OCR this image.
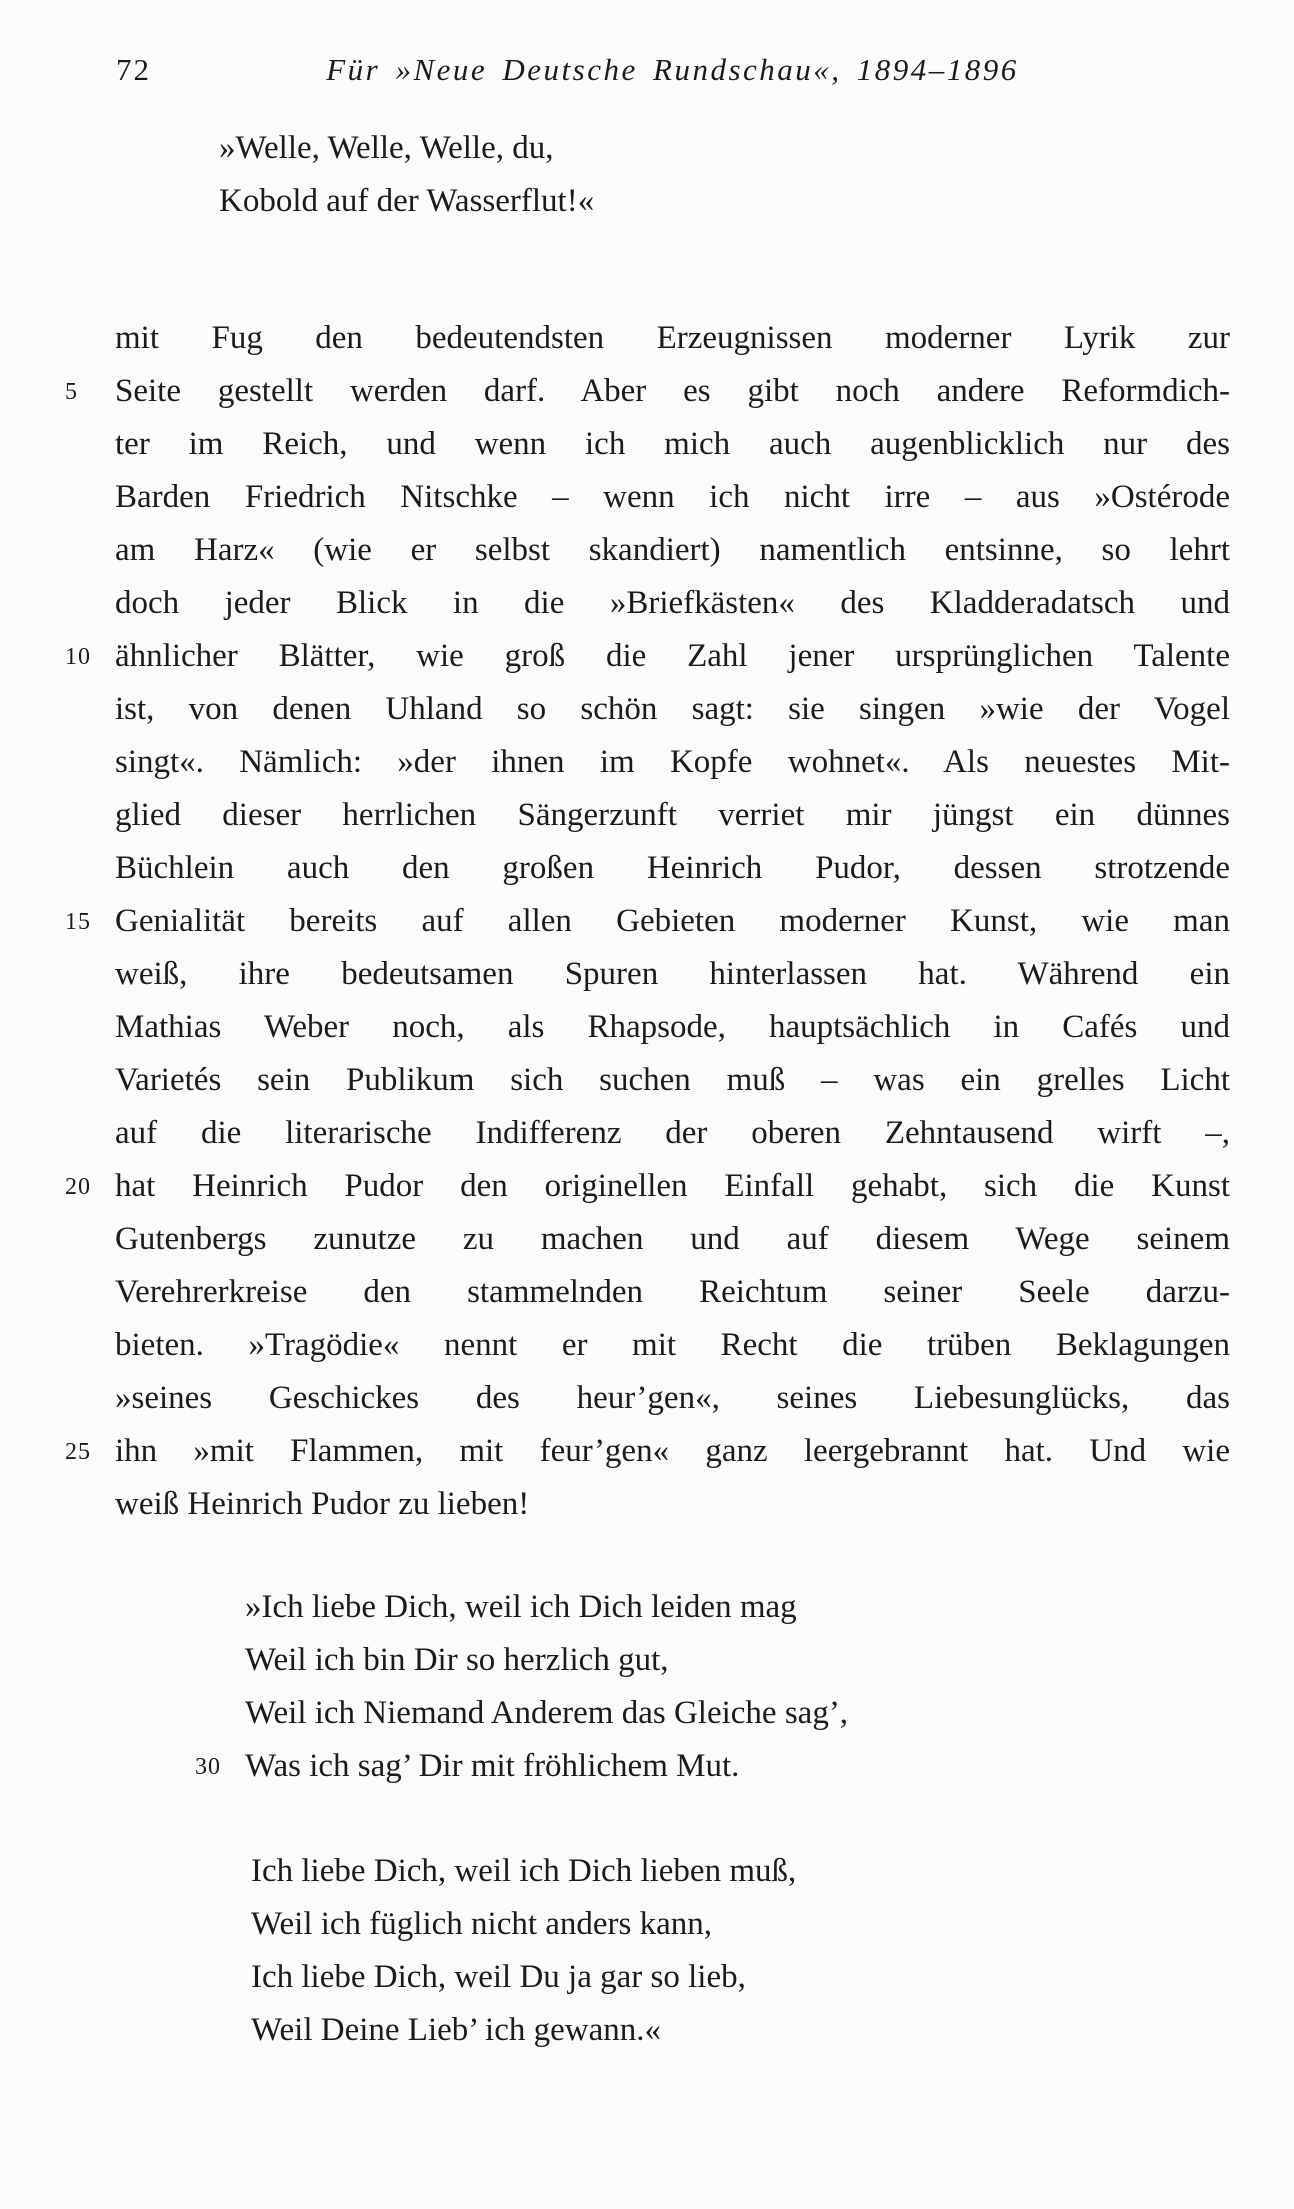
72	Für »Neue Deutsche Rundschau«, 1894–1896
»Welle, Welle, Welle, du,
Kobold auf der Wasserflut!«
mit Fug den bedeutendsten Erzeugnissen moderner Lyrik zur
5	Seite gestellt werden darf. Aber es gibt noch andere Reformdich-
ter im Reich, und wenn ich mich auch augenblicklich nur des
Barden Friedrich Nitschke – wenn ich nicht irre – aus »Ostérode
am Harz« (wie er selbst skandiert) namentlich entsinne, so lehrt
doch jeder Blick in die »Briefkästen« des Kladderadatsch und
10 ähnlicher Blätter, wie groß die Zahl jener ursprünglichen Talente
ist, von denen Uhland so schön sagt: sie singen »wie der Vogel
singt«. Nämlich: »der ihnen im Kopfe wohnet«. Als neuestes Mit-
glied dieser herrlichen Sängerzunft verriet mir jüngst ein dünnes
Büchlein auch den großen Heinrich Pudor, dessen strotzende
15 Genialität bereits auf allen Gebieten moderner Kunst, wie man
weiß, ihre bedeutsamen Spuren hinterlassen hat. Während ein
Mathias Weber noch, als Rhapsode, hauptsächlich in Cafés und
Varietés sein Publikum sich suchen muß – was ein grelles Licht
auf die literarische Indifferenz der oberen Zehntausend wirft –,
20 hat Heinrich Pudor den originellen Einfall gehabt, sich die Kunst
Gutenbergs zunutze zu machen und auf diesem Wege seinem
Verehrerkreise den stammelnden Reichtum seiner Seele darzu-
bieten. »Tragödie« nennt er mit Recht die trüben Beklagungen
»seines Geschickes des heur’gen«, seines Liebesunglücks, das
25 ihn »mit Flammen, mit feur’gen« ganz leergebrannt hat. Und wie
weiß Heinrich Pudor zu lieben!
»Ich liebe Dich, weil ich Dich leiden mag
Weil ich bin Dir so herzlich gut,
Weil ich Niemand Anderem das Gleiche sag’,
30 Was ich sag’ Dir mit fröhlichem Mut.
Ich liebe Dich, weil ich Dich lieben muß,
Weil ich füglich nicht anders kann,
Ich liebe Dich, weil Du ja gar so lieb,
Weil Deine Lieb’ ich gewann.«
